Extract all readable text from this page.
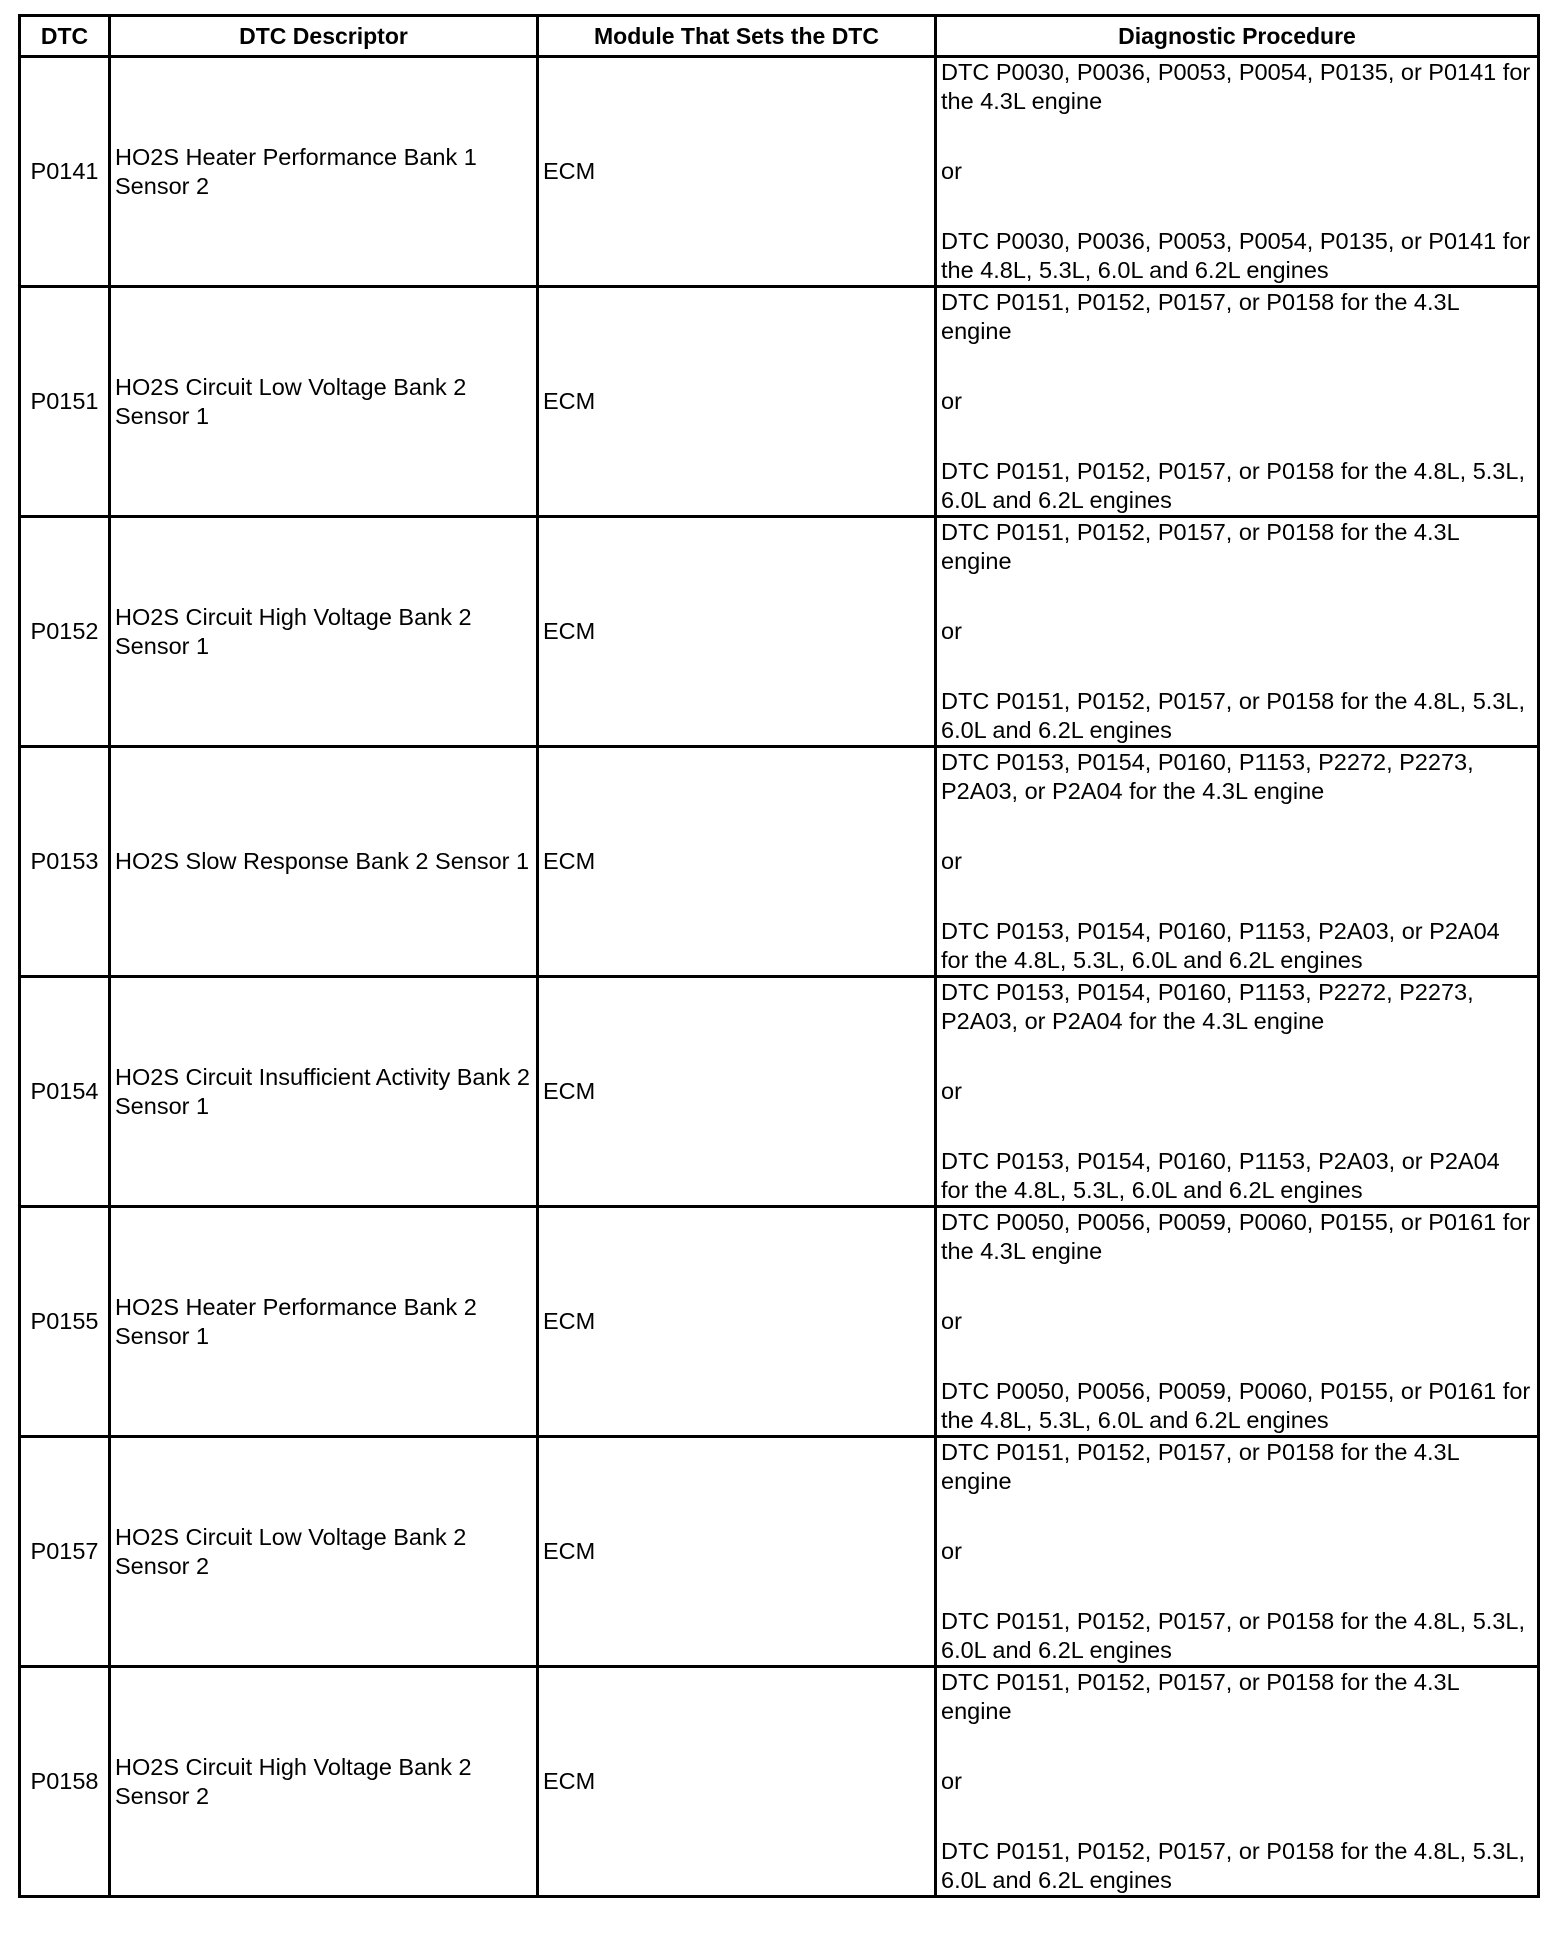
DTC	DTC Descriptor	Module That Sets the DTC	Diagnostic Procedure
P0141	HO2S Heater Performance Bank 1 Sensor 2	ECM	DTC P0030, P0036, P0053, P0054, P0135, or P0141 for the 4.3L engine
or
DTC P0030, P0036, P0053, P0054, P0135, or P0141 for the 4.8L, 5.3L, 6.0L and 6.2L engines

P0151	HO2S Circuit Low Voltage Bank 2 Sensor 1	ECM	DTC P0151, P0152, P0157, or P0158 for the 4.3L engine
or
DTC P0151, P0152, P0157, or P0158 for the 4.8L, 5.3L, 6.0L and 6.2L engines

P0152	HO2S Circuit High Voltage Bank 2 Sensor 1	ECM	DTC P0151, P0152, P0157, or P0158 for the 4.3L engine
or
DTC P0151, P0152, P0157, or P0158 for the 4.8L, 5.3L, 6.0L and 6.2L engines

P0153	HO2S Slow Response Bank 2 Sensor 1	ECM	DTC P0153, P0154, P0160, P1153, P2272, P2273, P2A03, or P2A04 for the 4.3L engine
or
DTC P0153, P0154, P0160, P1153, P2A03, or P2A04 for the 4.8L, 5.3L, 6.0L and 6.2L engines

P0154	HO2S Circuit Insufficient Activity Bank 2 Sensor 1	ECM	DTC P0153, P0154, P0160, P1153, P2272, P2273, P2A03, or P2A04 for the 4.3L engine
or
DTC P0153, P0154, P0160, P1153, P2A03, or P2A04 for the 4.8L, 5.3L, 6.0L and 6.2L engines

P0155	HO2S Heater Performance Bank 2 Sensor 1	ECM	DTC P0050, P0056, P0059, P0060, P0155, or P0161 for the 4.3L engine
or
DTC P0050, P0056, P0059, P0060, P0155, or P0161 for the 4.8L, 5.3L, 6.0L and 6.2L engines

P0157	HO2S Circuit Low Voltage Bank 2 Sensor 2	ECM	DTC P0151, P0152, P0157, or P0158 for the 4.3L engine
or
DTC P0151, P0152, P0157, or P0158 for the 4.8L, 5.3L, 6.0L and 6.2L engines

P0158	HO2S Circuit High Voltage Bank 2 Sensor 2	ECM	DTC P0151, P0152, P0157, or P0158 for the 4.3L engine
or
DTC P0151, P0152, P0157, or P0158 for the 4.8L, 5.3L, 6.0L and 6.2L engines
